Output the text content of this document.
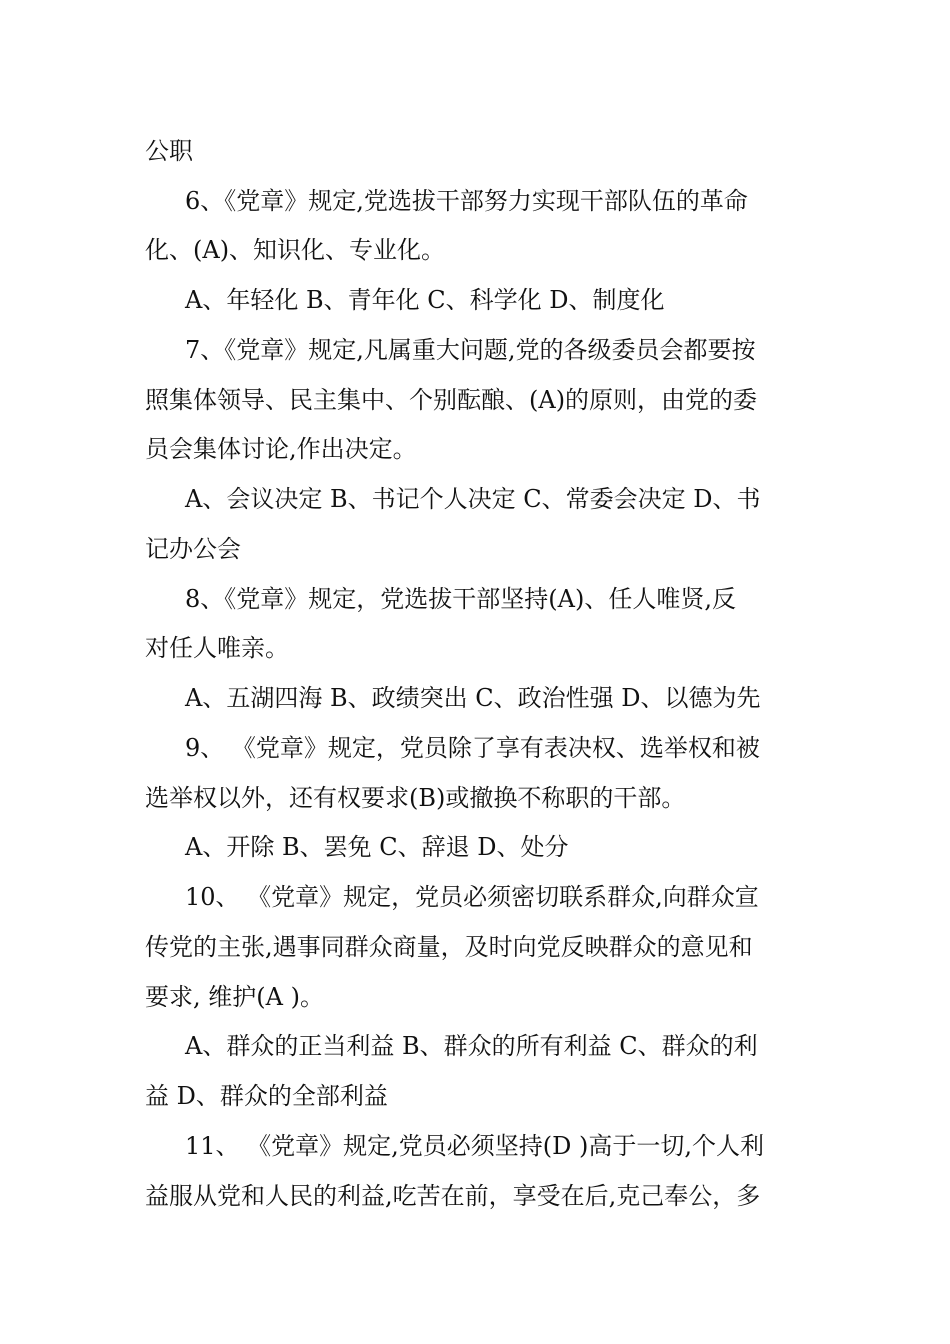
公职
6、《党章》规定,党选拔干部努力实现干部队伍的革命
化、(A)、知识化、专业化。
A、年轻化 B、青年化 C、科学化 D、制度化
7、《党章》规定,凡属重大问题,党的各级委员会都要按
照集体领导、民主集中、个别酝酿、(A)的原则，由党的委
员会集体讨论,作出决定。
A、会议决定 B、书记个人决定 C、常委会决定 D、书
记办公会
8、《党章》规定，党选拔干部坚持(A)、任人唯贤,反
对任人唯亲。
A、五湖四海 B、政绩突出 C、政治性强 D、以德为先
9、 《党章》规定，党员除了享有表决权、选举权和被
选举权以外，还有权要求(B)或撤换不称职的干部。
A、开除 B、罢免 C、辞退 D、处分
10、 《党章》规定，党员必须密切联系群众,向群众宣
传党的主张,遇事同群众商量，及时向党反映群众的意见和
要求, 维护(A )。
A、群众的正当利益 B、群众的所有利益 C、群众的利
益 D、群众的全部利益
11、 《党章》规定,党员必须坚持(D )高于一切,个人利
益服从党和人民的利益,吃苦在前，享受在后,克己奉公，多
